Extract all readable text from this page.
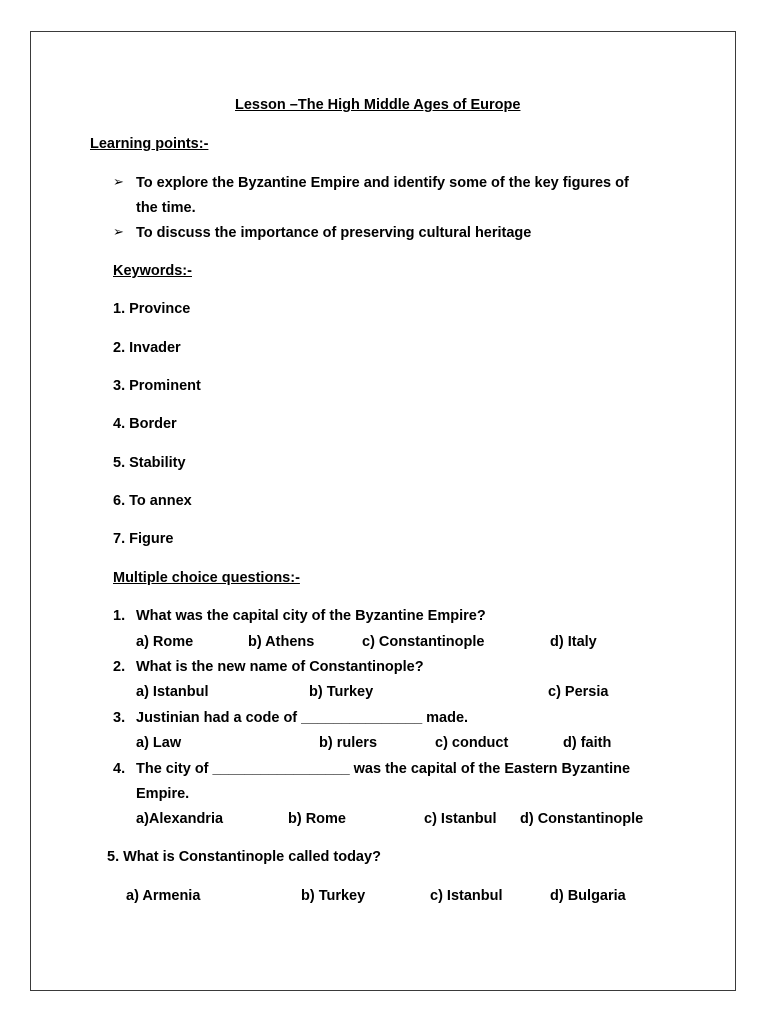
Lesson –The High Middle Ages of Europe
Learning points:-
➢ To explore the Byzantine Empire and identify some of the key figures of
the time.
➢ To discuss the importance of preserving cultural heritage
Keywords:-
1. Province
2. Invader
3. Prominent
4. Border
5. Stability
6. To annex
7. Figure
Multiple choice questions:-
1. What was the capital city of the Byzantine Empire?
a) Rome	b) Athens	c) Constantinople	d) Italy
2. What is the new name of Constantinople?
a) Istanbul	b) Turkey	c) Persia
3. Justinian had a code of _______________ made.
a) Law	b) rulers	c) conduct	d) faith
4. The city of _________________ was the capital of the Eastern Byzantine
Empire.
a)Alexandria	b) Rome	c) Istanbul d) Constantinople
5. What is Constantinople called today?
a) Armenia	b) Turkey	c) Istanbul	d) Bulgaria
